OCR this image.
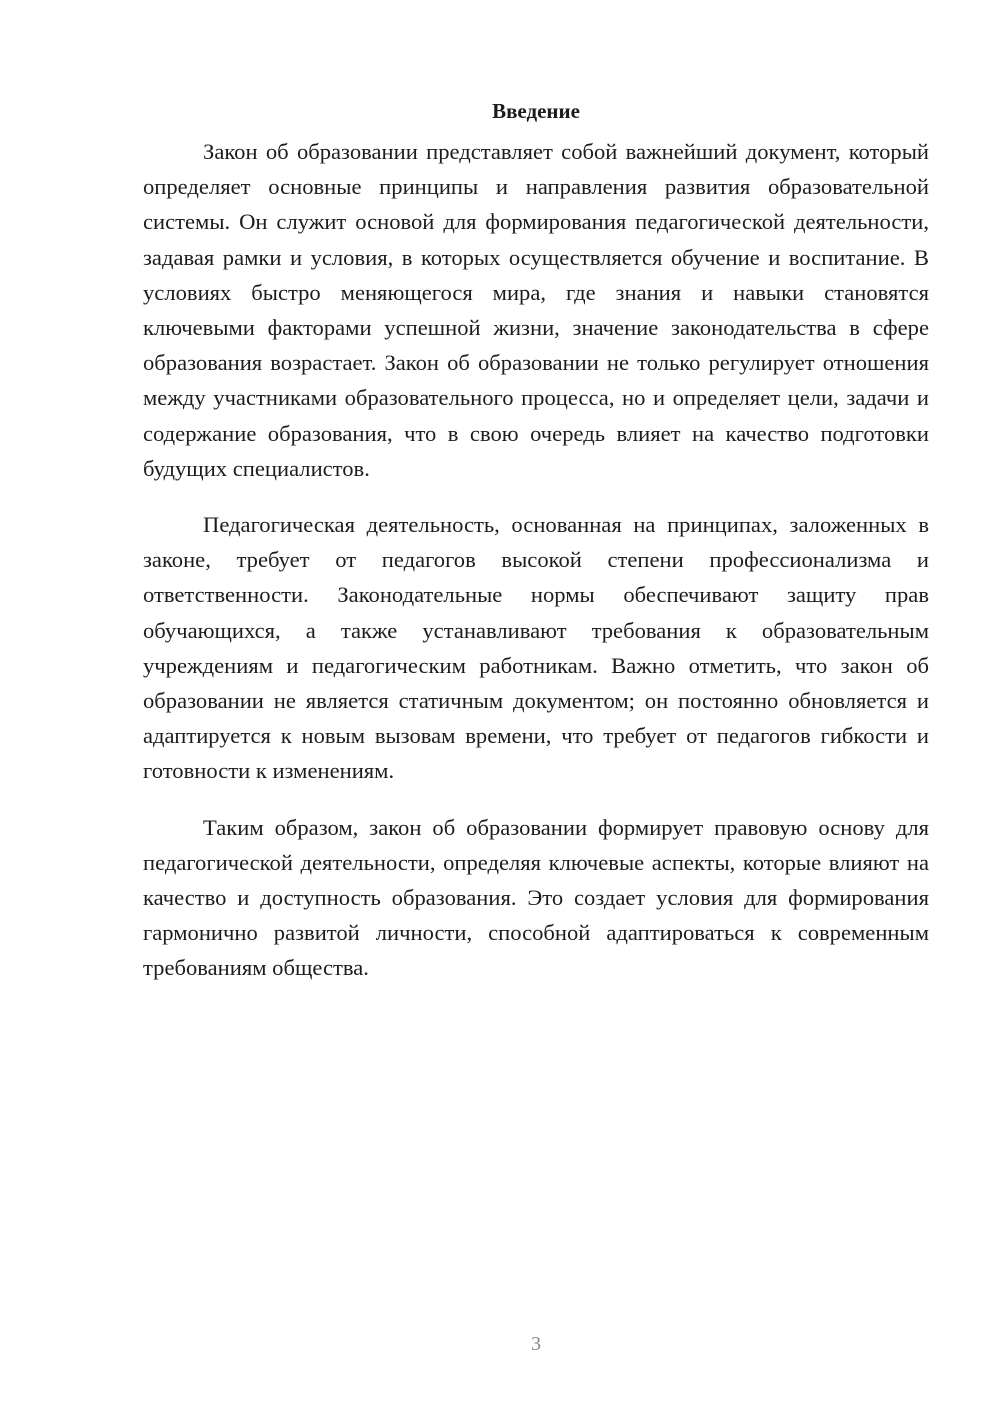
Введение

Закон об образовании представляет собой важнейший документ, который определяет основные принципы и направления развития образовательной системы. Он служит основой для формирования педагогической деятельности, задавая рамки и условия, в которых осуществляется обучение и воспитание. В условиях быстро меняющегося мира, где знания и навыки становятся ключевыми факторами успешной жизни, значение законодательства в сфере образования возрастает. Закон об образовании не только регулирует отношения между участниками образовательного процесса, но и определяет цели, задачи и содержание образования, что в свою очередь влияет на качество подготовки будущих специалистов.

Педагогическая деятельность, основанная на принципах, заложенных в законе, требует от педагогов высокой степени профессионализма и ответственности. Законодательные нормы обеспечивают защиту прав обучающихся, а также устанавливают требования к образовательным учреждениям и педагогическим работникам. Важно отметить, что закон об образовании не является статичным документом; он постоянно обновляется и адаптируется к новым вызовам времени, что требует от педагогов гибкости и готовности к изменениям.

Таким образом, закон об образовании формирует правовую основу для педагогической деятельности, определяя ключевые аспекты, которые влияют на качество и доступность образования. Это создает условия для формирования гармонично развитой личности, способной адаптироваться к современным требованиям общества.

3
